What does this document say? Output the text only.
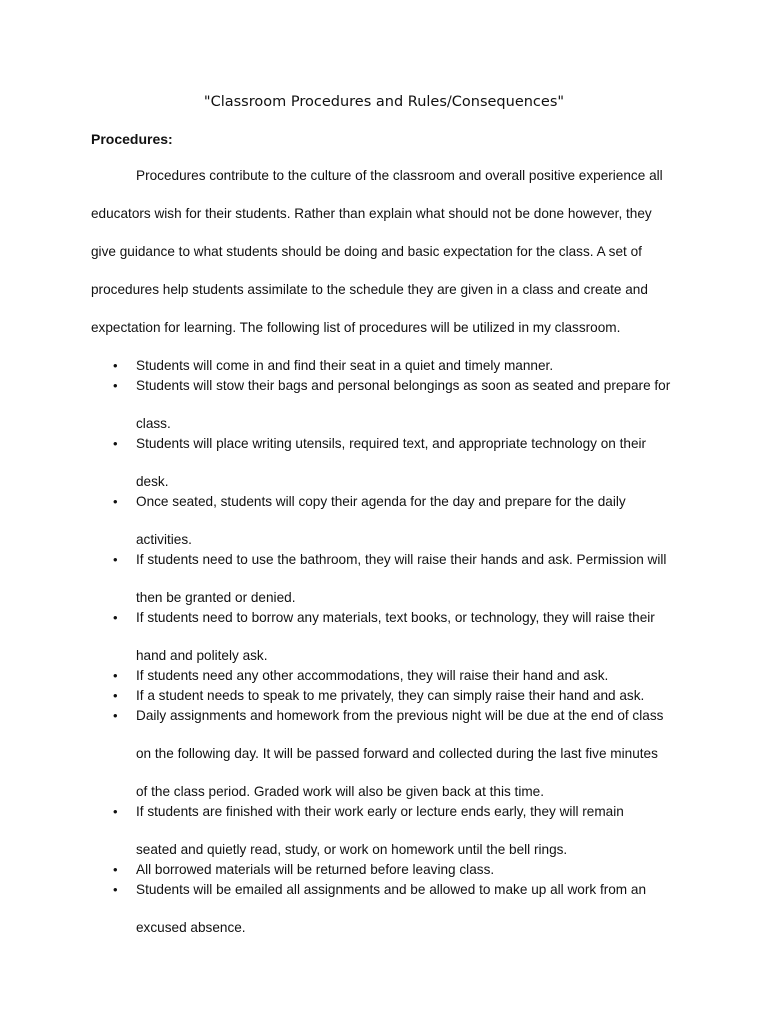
"Classroom Procedures and Rules/Consequences"
Procedures:
Procedures contribute to the culture of the classroom and overall positive experience all
educators wish for their students. Rather than explain what should not be done however, they
give guidance to what students should be doing and basic expectation for the class. A set of
procedures help students assimilate to the schedule they are given in a class and create and
expectation for learning. The following list of procedures will be utilized in my classroom.
•	Students will come in and find their seat in a quiet and timely manner.
•	Students will stow their bags and personal belongings as soon as seated and prepare for
class.
•	Students will place writing utensils, required text, and appropriate technology on their
desk.
•	Once seated, students will copy their agenda for the day and prepare for the daily
activities.
•	If students need to use the bathroom, they will raise their hands and ask. Permission will
then be granted or denied.
•	If students need to borrow any materials, text books, or technology, they will raise their
hand and politely ask.
•	If students need any other accommodations, they will raise their hand and ask.
•	If a student needs to speak to me privately, they can simply raise their hand and ask.
•	Daily assignments and homework from the previous night will be due at the end of class
on the following day. It will be passed forward and collected during the last five minutes
of the class period. Graded work will also be given back at this time.
•	If students are finished with their work early or lecture ends early, they will remain
seated and quietly read, study, or work on homework until the bell rings.
•	All borrowed materials will be returned before leaving class.
•	Students will be emailed all assignments and be allowed to make up all work from an
excused absence.
